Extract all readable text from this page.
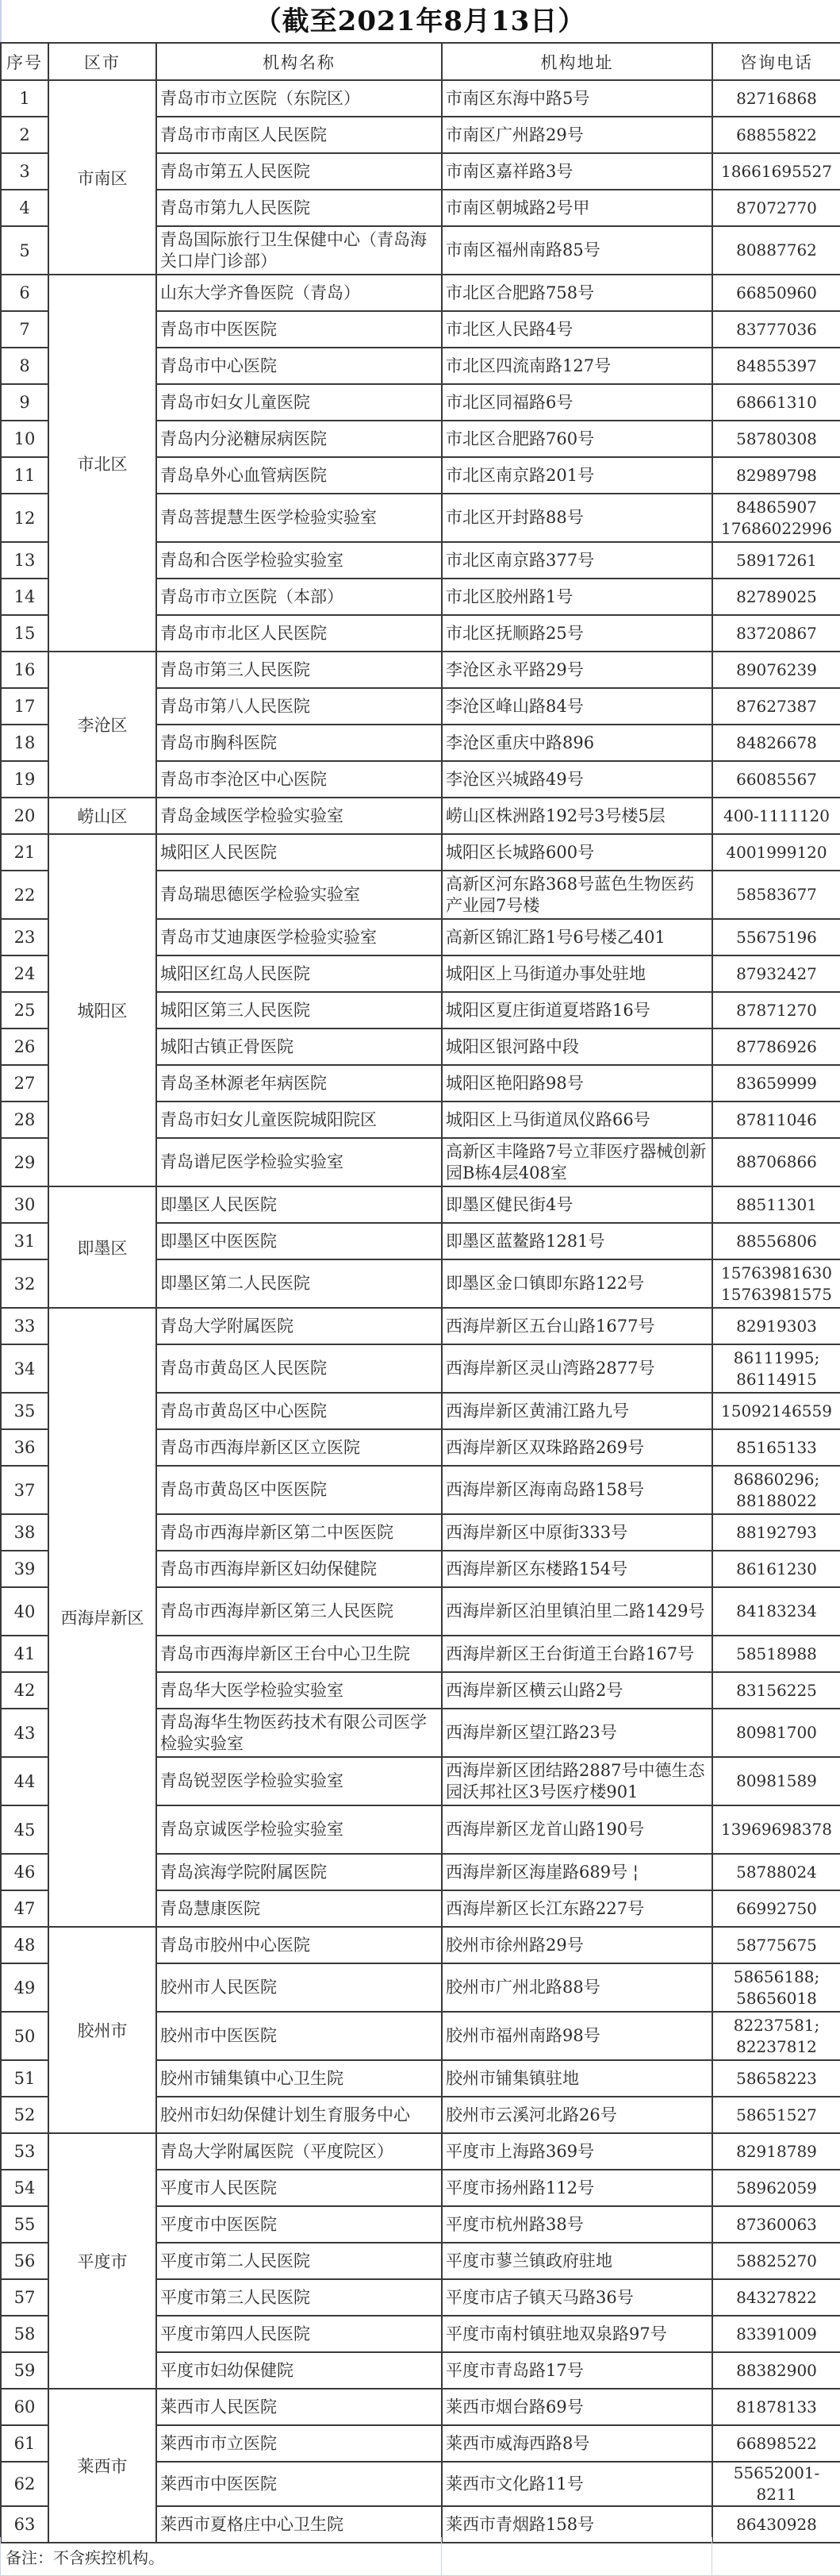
（截至2021年8月13日）
序号	区市	机构名称	机构地址	咨询电话
1	市南区	青岛市市立医院（东院区）	市南区东海中路5号	82716868

2		青岛市市南区人民医院	市南区广州路29号	68855822

3		青岛市第五人民医院	市南区嘉祥路3号	18661695527

4		青岛市第九人民医院	市南区朝城路2号甲	87072770

5		青岛国际旅行卫生保健中心（青岛海关口岸门诊部）	市南区福州南路85号	80887762

6	市北区	山东大学齐鲁医院（青岛）	市北区合肥路758号	66850960

7		青岛市中医医院	市北区人民路4号	83777036

8		青岛市中心医院	市北区四流南路127号	84855397

9		青岛市妇女儿童医院	市北区同福路6号	68661310

10		青岛内分泌糖尿病医院	市北区合肥路760号	58780308

11		青岛阜外心血管病医院	市北区南京路201号	82989798

12		青岛菩提慧生医学检验实验室	市北区开封路88号	84865907
17686022996

13		青岛和合医学检验实验室	市北区南京路377号	58917261

14		青岛市市立医院（本部）	市北区胶州路1号	82789025

15		青岛市市北区人民医院	市北区抚顺路25号	83720867

16	李沧区	青岛市第三人民医院	李沧区永平路29号	89076239

17		青岛市第八人民医院	李沧区峰山路84号	87627387

18		青岛市胸科医院	李沧区重庆中路896	84826678

19		青岛市李沧区中心医院	李沧区兴城路49号	66085567

20	崂山区	青岛金域医学检验实验室	崂山区株洲路192号3号楼5层	400-1111120

21	城阳区	城阳区人民医院	城阳区长城路600号	4001999120

22		青岛瑞思德医学检验实验室	高新区河东路368号蓝色生物医药产业园7号楼	58583677

23		青岛市艾迪康医学检验实验室	高新区锦汇路1号6号楼乙401	55675196

24		城阳区红岛人民医院	城阳区上马街道办事处驻地	87932427

25		城阳区第三人民医院	城阳区夏庄街道夏塔路16号	87871270

26		城阳古镇正骨医院	城阳区银河路中段	87786926

27		青岛圣林源老年病医院	城阳区艳阳路98号	83659999

28		青岛市妇女儿童医院城阳院区	城阳区上马街道凤仪路66号	87811046

29		青岛谱尼医学检验实验室	高新区丰隆路7号立菲医疗器械创新园B栋4层408室	88706866

30	即墨区	即墨区人民医院	即墨区健民街4号	88511301

31		即墨区中医医院	即墨区蓝鳌路1281号	88556806

32		即墨区第二人民医院	即墨区金口镇即东路122号	15763981630
15763981575

33	西海岸新区	青岛大学附属医院	西海岸新区五台山路1677号	82919303

34		青岛市黄岛区人民医院	西海岸新区灵山湾路2877号	86111995;
86114915

35		青岛市黄岛区中心医院	西海岸新区黄浦江路九号	15092146559

36		青岛市西海岸新区区立医院	西海岸新区双珠路路269号	85165133

37		青岛市黄岛区中医医院	西海岸新区海南岛路158号	86860296;
88188022

38		青岛市西海岸新区第二中医医院	西海岸新区中原街333号	88192793

39		青岛市西海岸新区妇幼保健院	西海岸新区东楼路154号	86161230

40		青岛市西海岸新区第三人民医院	西海岸新区泊里镇泊里二路1429号	84183234

41		青岛市西海岸新区王台中心卫生院	西海岸新区王台街道王台路167号	58518988

42		青岛华大医学检验实验室	西海岸新区横云山路2号	83156225

43		青岛海华生物医药技术有限公司医学检验实验室	西海岸新区望江路23号	80981700

44		青岛锐翌医学检验实验室	西海岸新区团结路2887号中德生态园沃邦社区3号医疗楼901	80981589

45		青岛京诚医学检验实验室	西海岸新区龙首山路190号	13969698378

46		青岛滨海学院附属医院	西海岸新区海崖路689号 ¦	58788024

47		青岛慧康医院	西海岸新区长江东路227号	66992750

48	胶州市	青岛市胶州中心医院	胶州市徐州路29号	58775675

49		胶州市人民医院	胶州市广州北路88号	58656188;
58656018

50		胶州市中医医院	胶州市福州南路98号	82237581;
82237812

51		胶州市铺集镇中心卫生院	胶州市铺集镇驻地	58658223

52		胶州市妇幼保健计划生育服务中心	胶州市云溪河北路26号	58651527

53	平度市	青岛大学附属医院（平度院区）	平度市上海路369号	82918789

54		平度市人民医院	平度市扬州路112号	58962059

55		平度市中医医院	平度市杭州路38号	87360063

56		平度市第二人民医院	平度市蓼兰镇政府驻地	58825270

57		平度市第三人民医院	平度市店子镇天马路36号	84327822

58		平度市第四人民医院	平度市南村镇驻地双泉路97号	83391009

59		平度市妇幼保健院	平度市青岛路17号	88382900

60	莱西市	莱西市人民医院	莱西市烟台路69号	81878133

61		莱西市市立医院	莱西市威海西路8号	66898522

62		莱西市中医医院	莱西市文化路11号	55652001-8211

63		莱西市夏格庄中心卫生院	莱西市青烟路158号	86430928
备注：不含疾控机构。		
